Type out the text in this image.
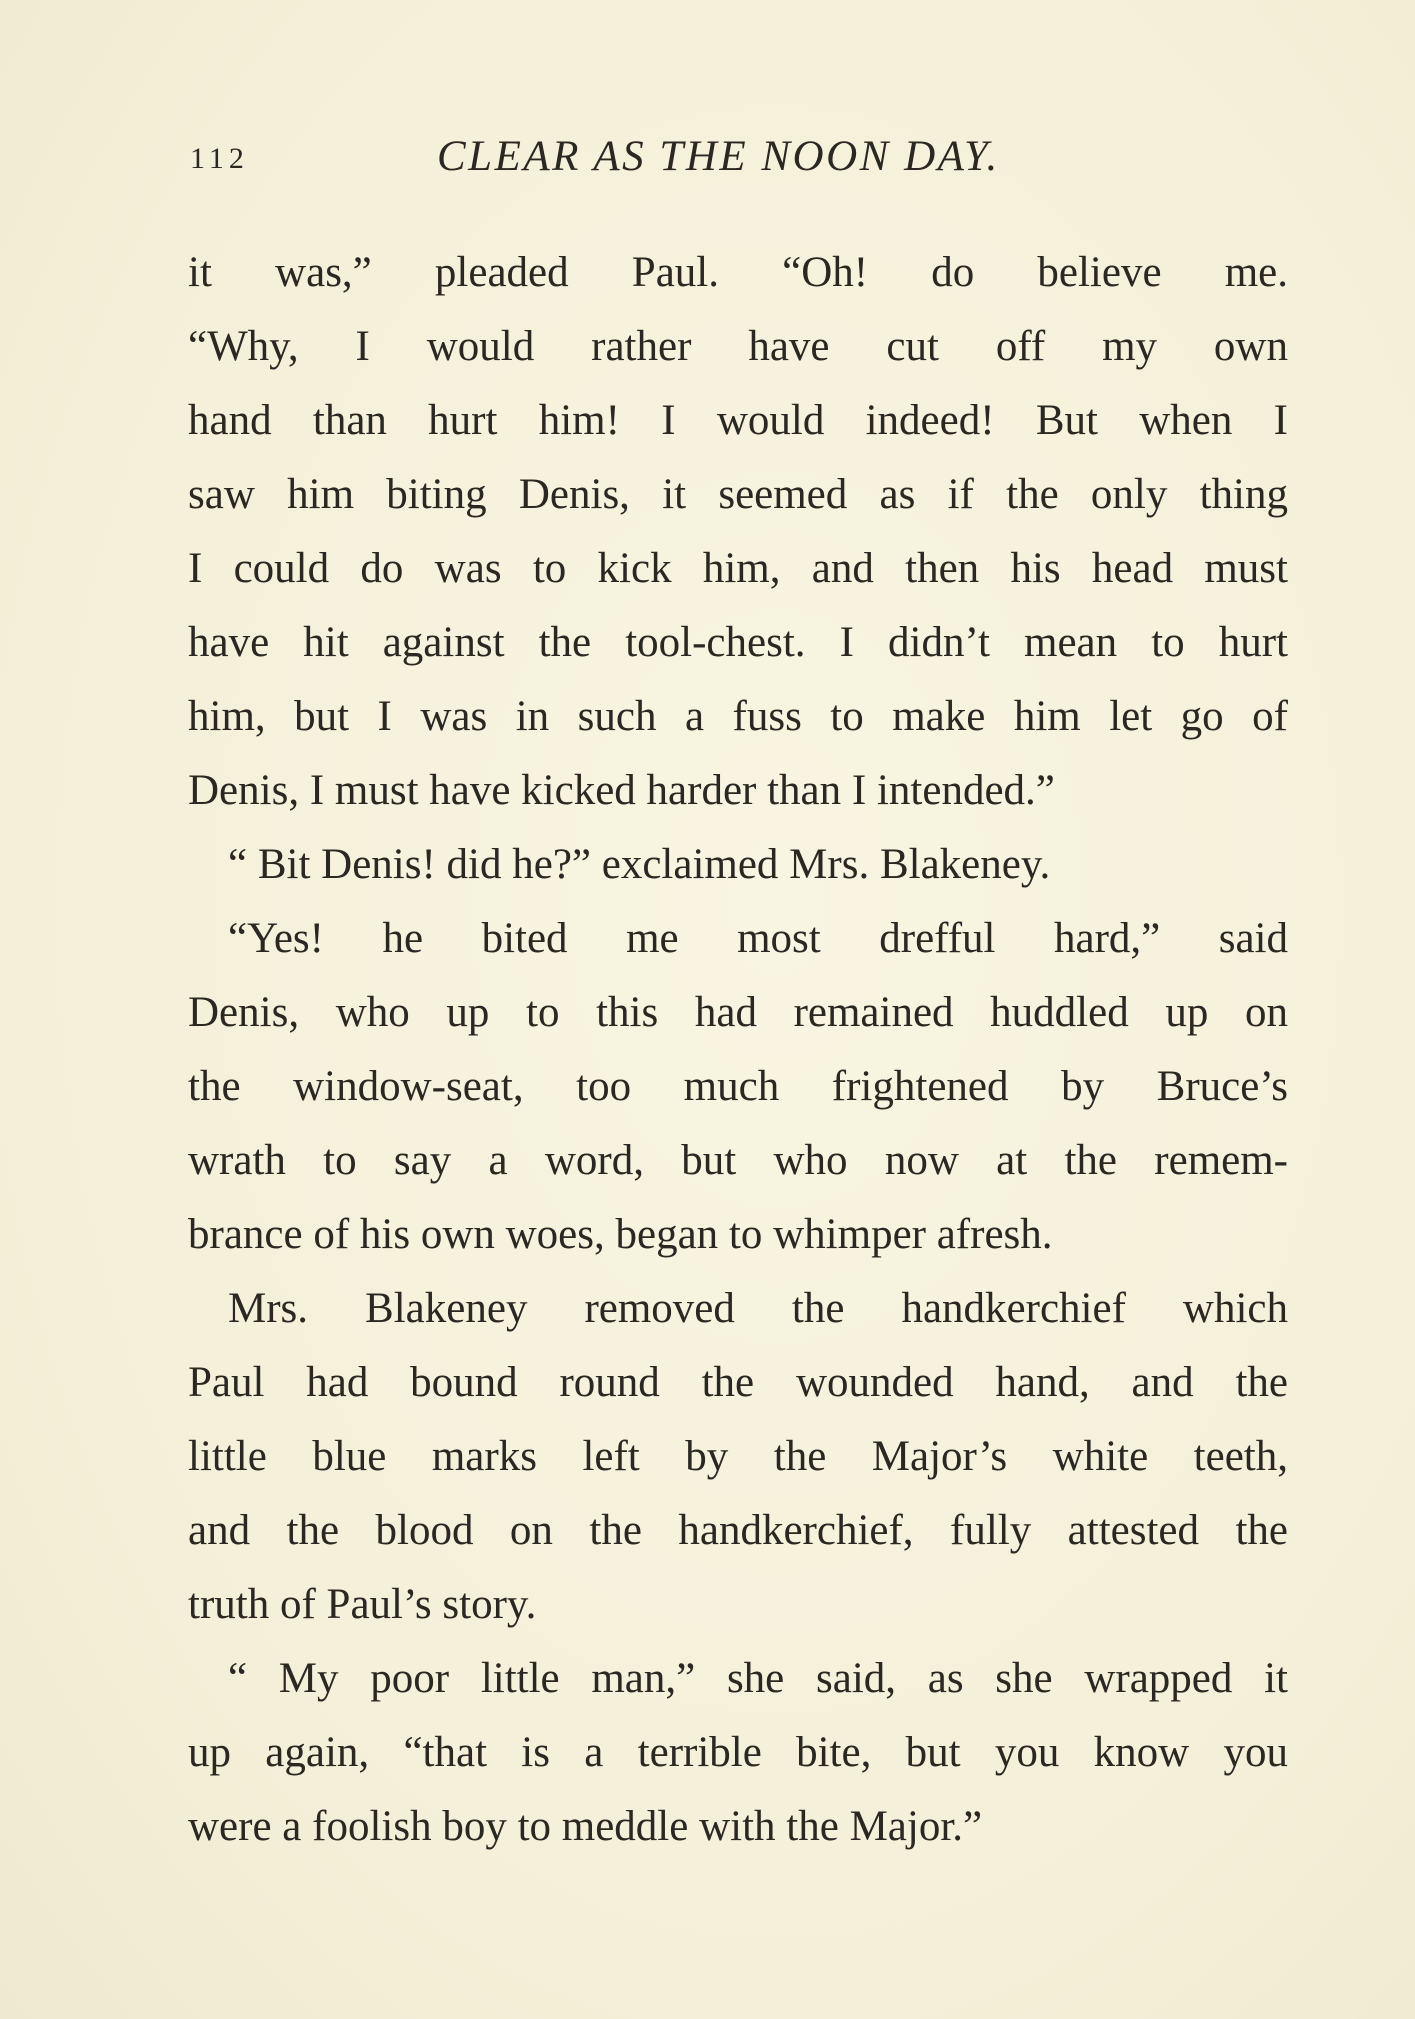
112	CLEAR AS THE NOON DAY.
it was,” pleaded Paul. “Oh! do believe me.
“Why, I would rather have cut off my own
hand than hurt him! I would indeed! But when I
saw him biting Denis, it seemed as if the only thing
I could do was to kick him, and then his head must
have hit against the tool-chest. I didn’t mean to hurt
him, but I was in such a fuss to make him let go of
Denis, I must have kicked harder than I intended.”
“ Bit Denis! did he?” exclaimed Mrs. Blakeney.
“Yes! he bited me most drefful hard,” said
Denis, who up to this had remained huddled up on
the window-seat, too much frightened by Bruce’s
wrath to say a word, but who now at the remem-
brance of his own woes, began to whimper afresh.
Mrs. Blakeney removed the handkerchief which
Paul had bound round the wounded hand, and the
little blue marks left by the Major’s white teeth,
and the blood on the handkerchief, fully attested the
truth of Paul’s story.
“ My poor little man,” she said, as she wrapped it
up again, “that is a terrible bite, but you know you
were a foolish boy to meddle with the Major.”
